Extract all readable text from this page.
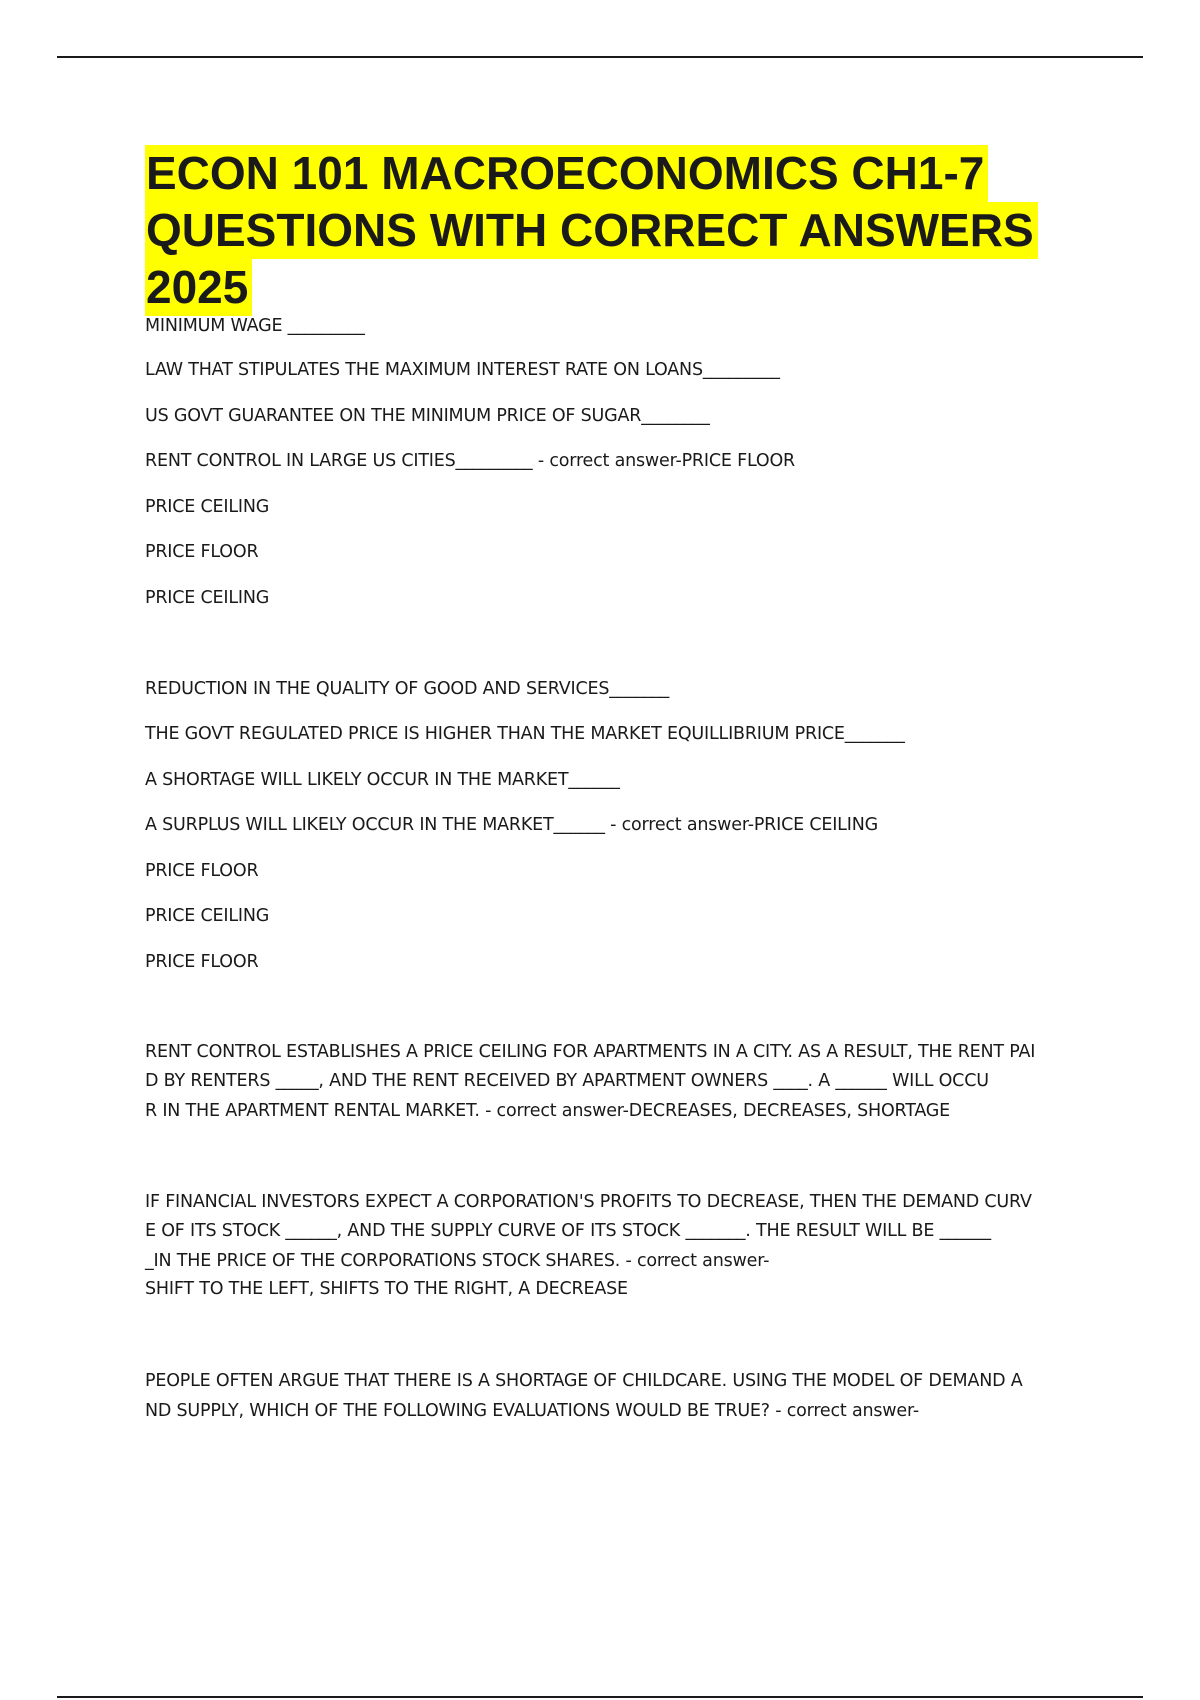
ECON 101 MACROECONOMICS CH1-7
QUESTIONS WITH CORRECT ANSWERS
2025

MINIMUM WAGE _________

LAW THAT STIPULATES THE MAXIMUM INTEREST RATE ON LOANS_________

US GOVT GUARANTEE ON THE MINIMUM PRICE OF SUGAR________

RENT CONTROL IN LARGE US CITIES_________ - correct answer-PRICE FLOOR

PRICE CEILING

PRICE FLOOR

PRICE CEILING

REDUCTION IN THE QUALITY OF GOOD AND SERVICES_______

THE GOVT REGULATED PRICE IS HIGHER THAN THE MARKET EQUILLIBRIUM PRICE_______

A SHORTAGE WILL LIKELY OCCUR IN THE MARKET______

A SURPLUS WILL LIKELY OCCUR IN THE MARKET______ - correct answer-PRICE CEILING

PRICE FLOOR

PRICE CEILING

PRICE FLOOR

RENT CONTROL ESTABLISHES A PRICE CEILING FOR APARTMENTS IN A CITY. AS A RESULT, THE RENT PAI

D BY RENTERS _____, AND THE RENT RECEIVED BY APARTMENT OWNERS ____. A ______ WILL OCCU

R IN THE APARTMENT RENTAL MARKET. - correct answer-DECREASES, DECREASES, SHORTAGE

IF FINANCIAL INVESTORS EXPECT A CORPORATION'S PROFITS TO DECREASE, THEN THE DEMAND CURV

E OF ITS STOCK ______, AND THE SUPPLY CURVE OF ITS STOCK _______. THE RESULT WILL BE ______

_IN THE PRICE OF THE CORPORATIONS STOCK SHARES. - correct answer-

SHIFT TO THE LEFT, SHIFTS TO THE RIGHT, A DECREASE

PEOPLE OFTEN ARGUE THAT THERE IS A SHORTAGE OF CHILDCARE. USING THE MODEL OF DEMAND A

ND SUPPLY, WHICH OF THE FOLLOWING EVALUATIONS WOULD BE TRUE? - correct answer-
